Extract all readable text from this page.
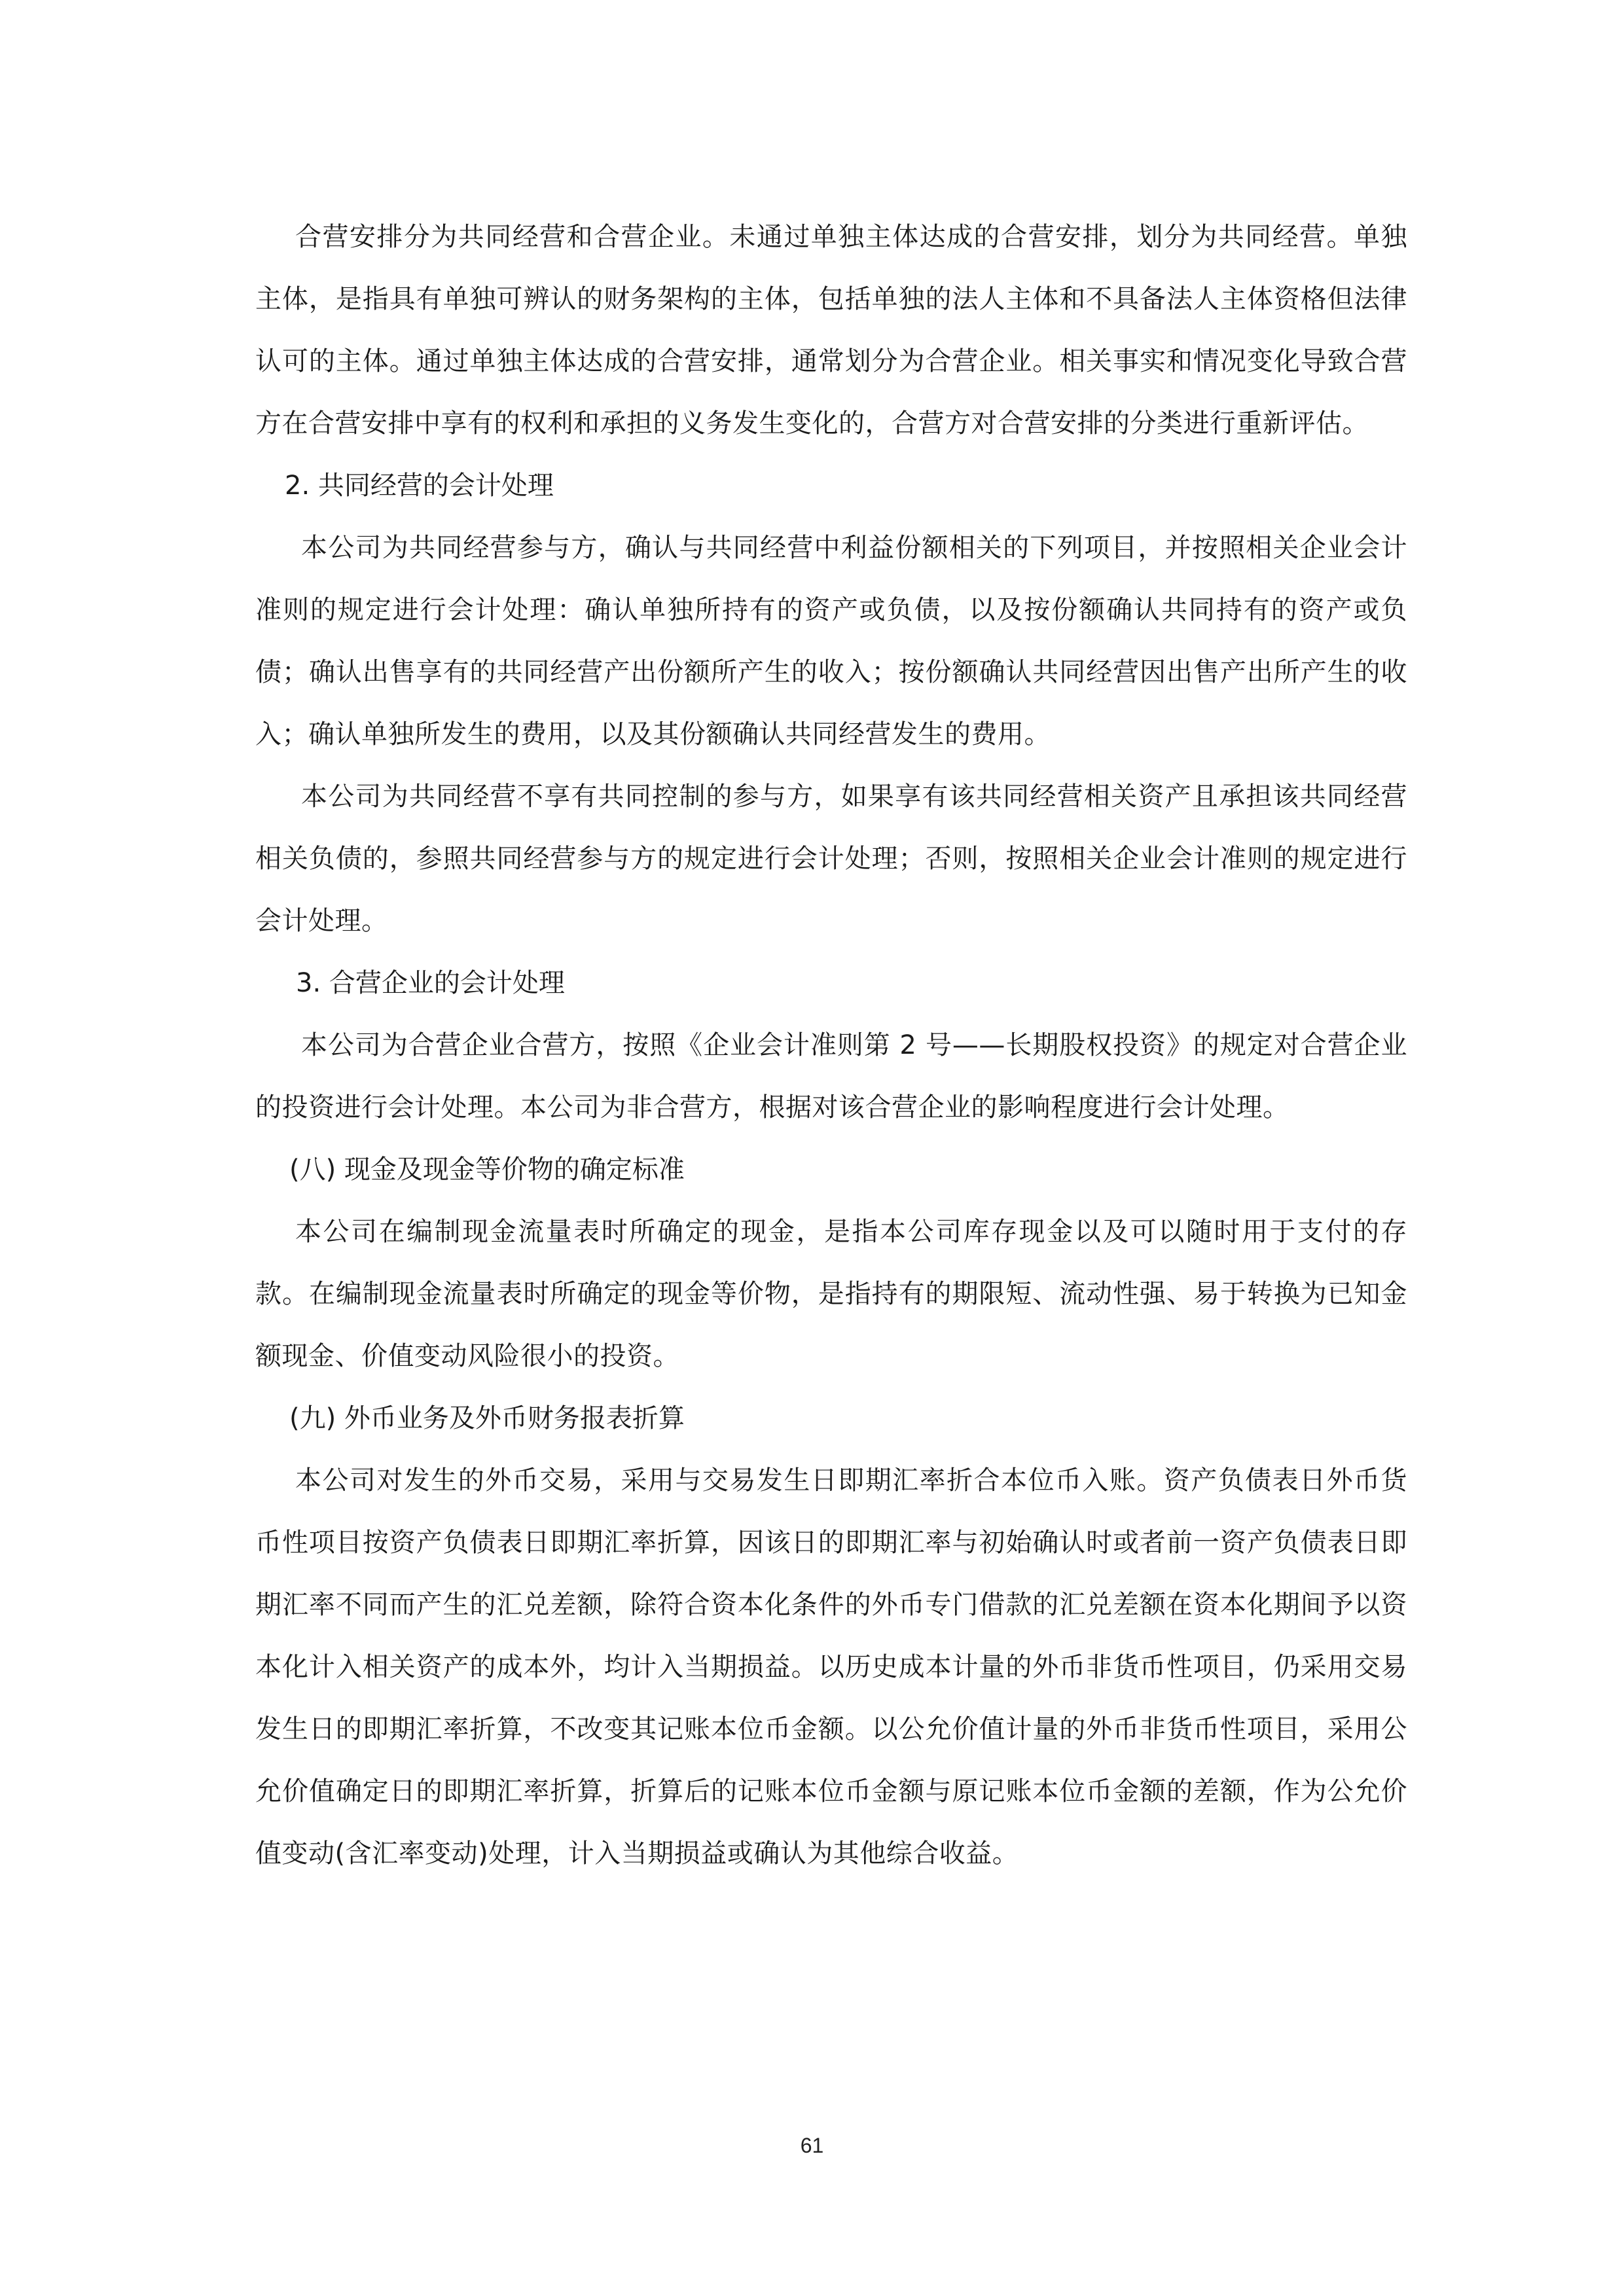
合营安排分为共同经营和合营企业。未通过单独主体达成的合营安排，划分为共同经营。单独主体，是指具有单独可辨认的财务架构的主体，包括单独的法人主体和不具备法人主体资格但法律认可的主体。通过单独主体达成的合营安排，通常划分为合营企业。相关事实和情况变化导致合营方在合营安排中享有的权利和承担的义务发生变化的，合营方对合营安排的分类进行重新评估。

2. 共同经营的会计处理

本公司为共同经营参与方，确认与共同经营中利益份额相关的下列项目，并按照相关企业会计准则的规定进行会计处理：确认单独所持有的资产或负债，以及按份额确认共同持有的资产或负债；确认出售享有的共同经营产出份额所产生的收入；按份额确认共同经营因出售产出所产生的收入；确认单独所发生的费用，以及其份额确认共同经营发生的费用。

本公司为共同经营不享有共同控制的参与方，如果享有该共同经营相关资产且承担该共同经营相关负债的，参照共同经营参与方的规定进行会计处理；否则，按照相关企业会计准则的规定进行会计处理。

3. 合营企业的会计处理

本公司为合营企业合营方，按照《企业会计准则第 2 号——长期股权投资》的规定对合营企业的投资进行会计处理。本公司为非合营方，根据对该合营企业的影响程度进行会计处理。

(八) 现金及现金等价物的确定标准

本公司在编制现金流量表时所确定的现金，是指本公司库存现金以及可以随时用于支付的存款。在编制现金流量表时所确定的现金等价物，是指持有的期限短、流动性强、易于转换为已知金额现金、价值变动风险很小的投资。

(九) 外币业务及外币财务报表折算

本公司对发生的外币交易，采用与交易发生日即期汇率折合本位币入账。资产负债表日外币货币性项目按资产负债表日即期汇率折算，因该日的即期汇率与初始确认时或者前一资产负债表日即期汇率不同而产生的汇兑差额，除符合资本化条件的外币专门借款的汇兑差额在资本化期间予以资本化计入相关资产的成本外，均计入当期损益。以历史成本计量的外币非货币性项目，仍采用交易发生日的即期汇率折算，不改变其记账本位币金额。以公允价值计量的外币非货币性项目，采用公允价值确定日的即期汇率折算，折算后的记账本位币金额与原记账本位币金额的差额，作为公允价值变动(含汇率变动)处理，计入当期损益或确认为其他综合收益。

61
